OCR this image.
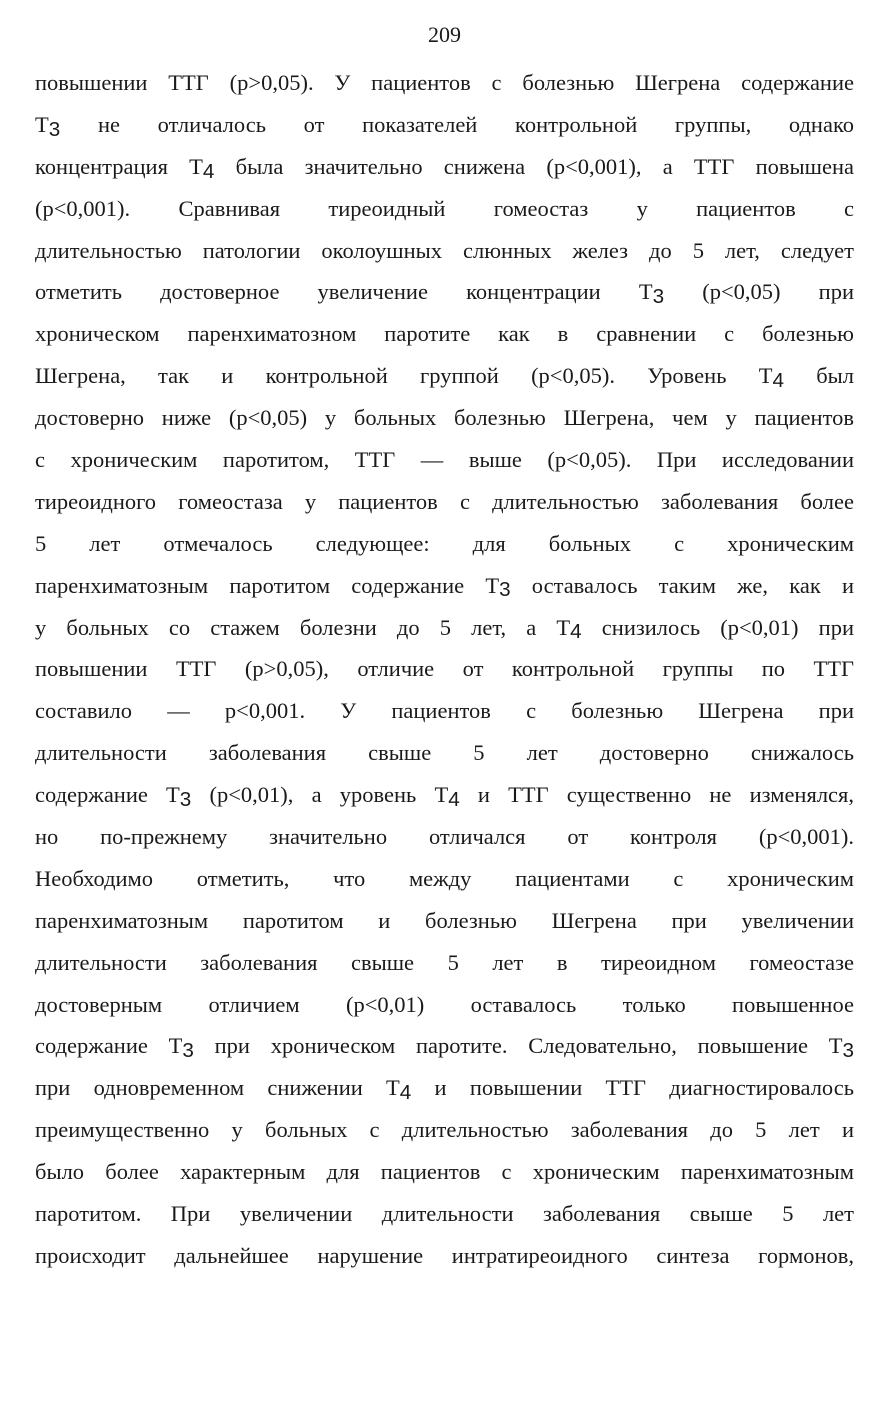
209
повышении ТТГ (p>0,05). У пациентов с болезнью Шегрена содержание
Т3 не отличалось от показателей контрольной группы, однако
концентрация Т4 была значительно снижена (p<0,001), а ТТГ повышена
(p<0,001). Сравнивая тиреоидный гомеостаз у пациентов с
длительностью патологии околоушных слюнных желез до 5 лет, следует
отметить достоверное увеличение концентрации Т3 (p<0,05) при
хроническом паренхиматозном паротите как в сравнении с болезнью
Шегрена, так и контрольной группой (p<0,05). Уровень Т4 был
достоверно ниже (p<0,05) у больных болезнью Шегрена, чем у пациентов
с хроническим паротитом, ТТГ — выше (p<0,05). При исследовании
тиреоидного гомеостаза у пациентов с длительностью заболевания более
5 лет отмечалось следующее: для больных с хроническим
паренхиматозным паротитом содержание Т3 оставалось таким же, как и
у больных со стажем болезни до 5 лет, а Т4 снизилось (p<0,01) при
повышении ТТГ (p>0,05), отличие от контрольной группы по ТТГ
составило — p<0,001. У пациентов с болезнью Шегрена при
длительности заболевания свыше 5 лет достоверно снижалось
содержание Т3 (p<0,01), а уровень Т4 и ТТГ существенно не изменялся,
но по-прежнему значительно отличался от контроля (p<0,001).
Необходимо отметить, что между пациентами с хроническим
паренхиматозным паротитом и болезнью Шегрена при увеличении
длительности заболевания свыше 5 лет в тиреоидном гомеостазе
достоверным отличием (p<0,01) оставалось только повышенное
содержание Т3 при хроническом паротите. Следовательно, повышение Т3
при одновременном снижении Т4 и повышении ТТГ диагностировалось
преимущественно у больных с длительностью заболевания до 5 лет и
было более характерным для пациентов с хроническим паренхиматозным
паротитом. При увеличении длительности заболевания свыше 5 лет
происходит дальнейшее нарушение интратиреоидного синтеза гормонов,
